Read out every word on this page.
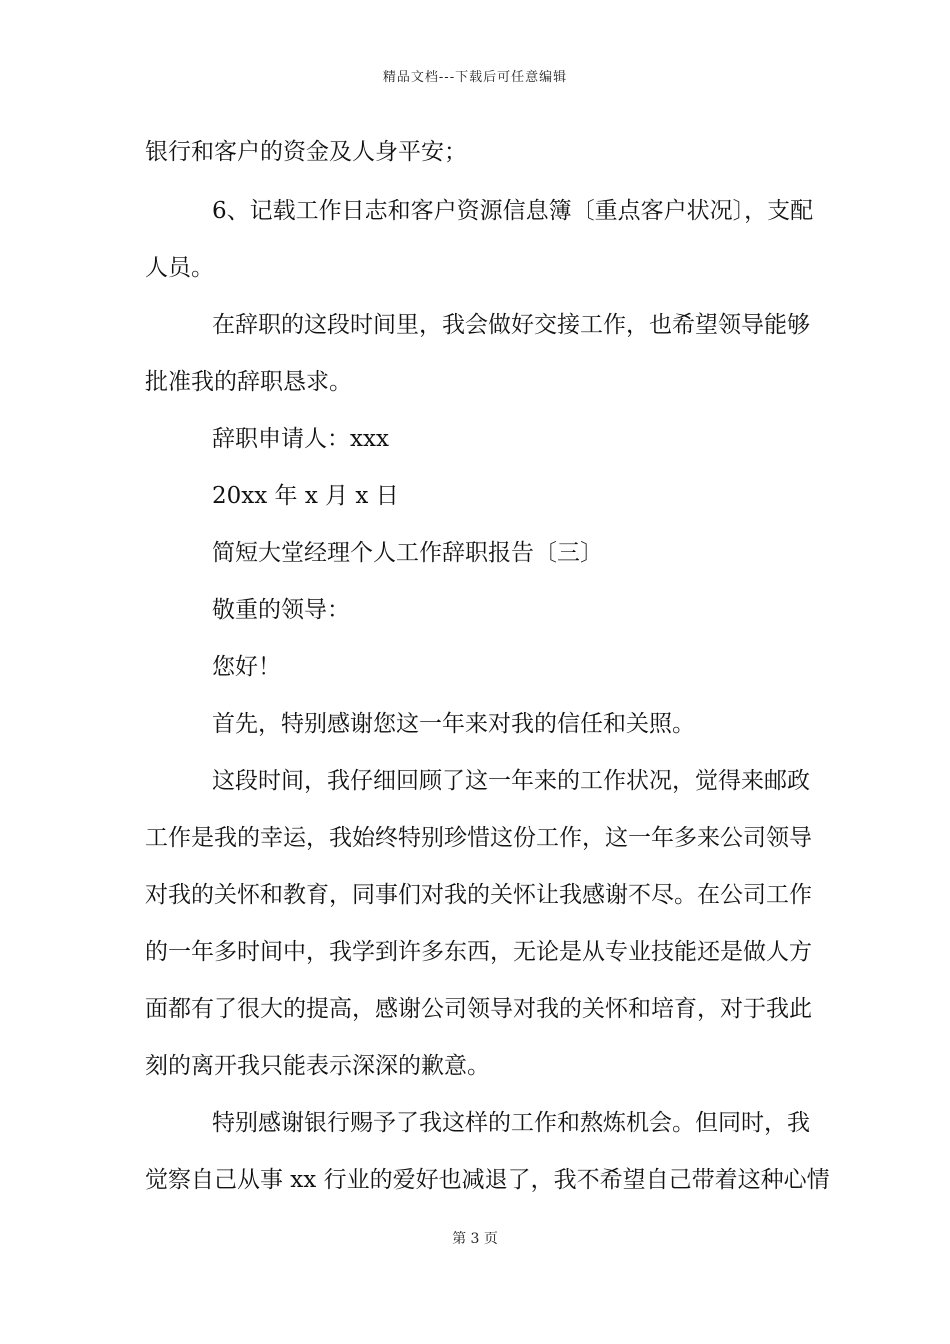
精品文档---下载后可任意编辑
银行和客户的资金及人身平安；
6、记载工作日志和客户资源信息簿〔重点客户状况〕，支配
人员。
在辞职的这段时间里，我会做好交接工作，也希望领导能够
批准我的辞职恳求。
辞职申请人：xxx
20xx 年 x 月 x 日
简短大堂经理个人工作辞职报告〔三〕
敬重的领导：
您好！
首先，特别感谢您这一年来对我的信任和关照。
这段时间，我仔细回顾了这一年来的工作状况，觉得来邮政
工作是我的幸运，我始终特别珍惜这份工作，这一年多来公司领导
对我的关怀和教育，同事们对我的关怀让我感谢不尽。在公司工作
的一年多时间中，我学到许多东西，无论是从专业技能还是做人方
面都有了很大的提高，感谢公司领导对我的关怀和培育，对于我此
刻的离开我只能表示深深的歉意。
特别感谢银行赐予了我这样的工作和熬炼机会。但同时，我
觉察自己从事 xx 行业的爱好也减退了，我不希望自己带着这种心情
第 3 页
